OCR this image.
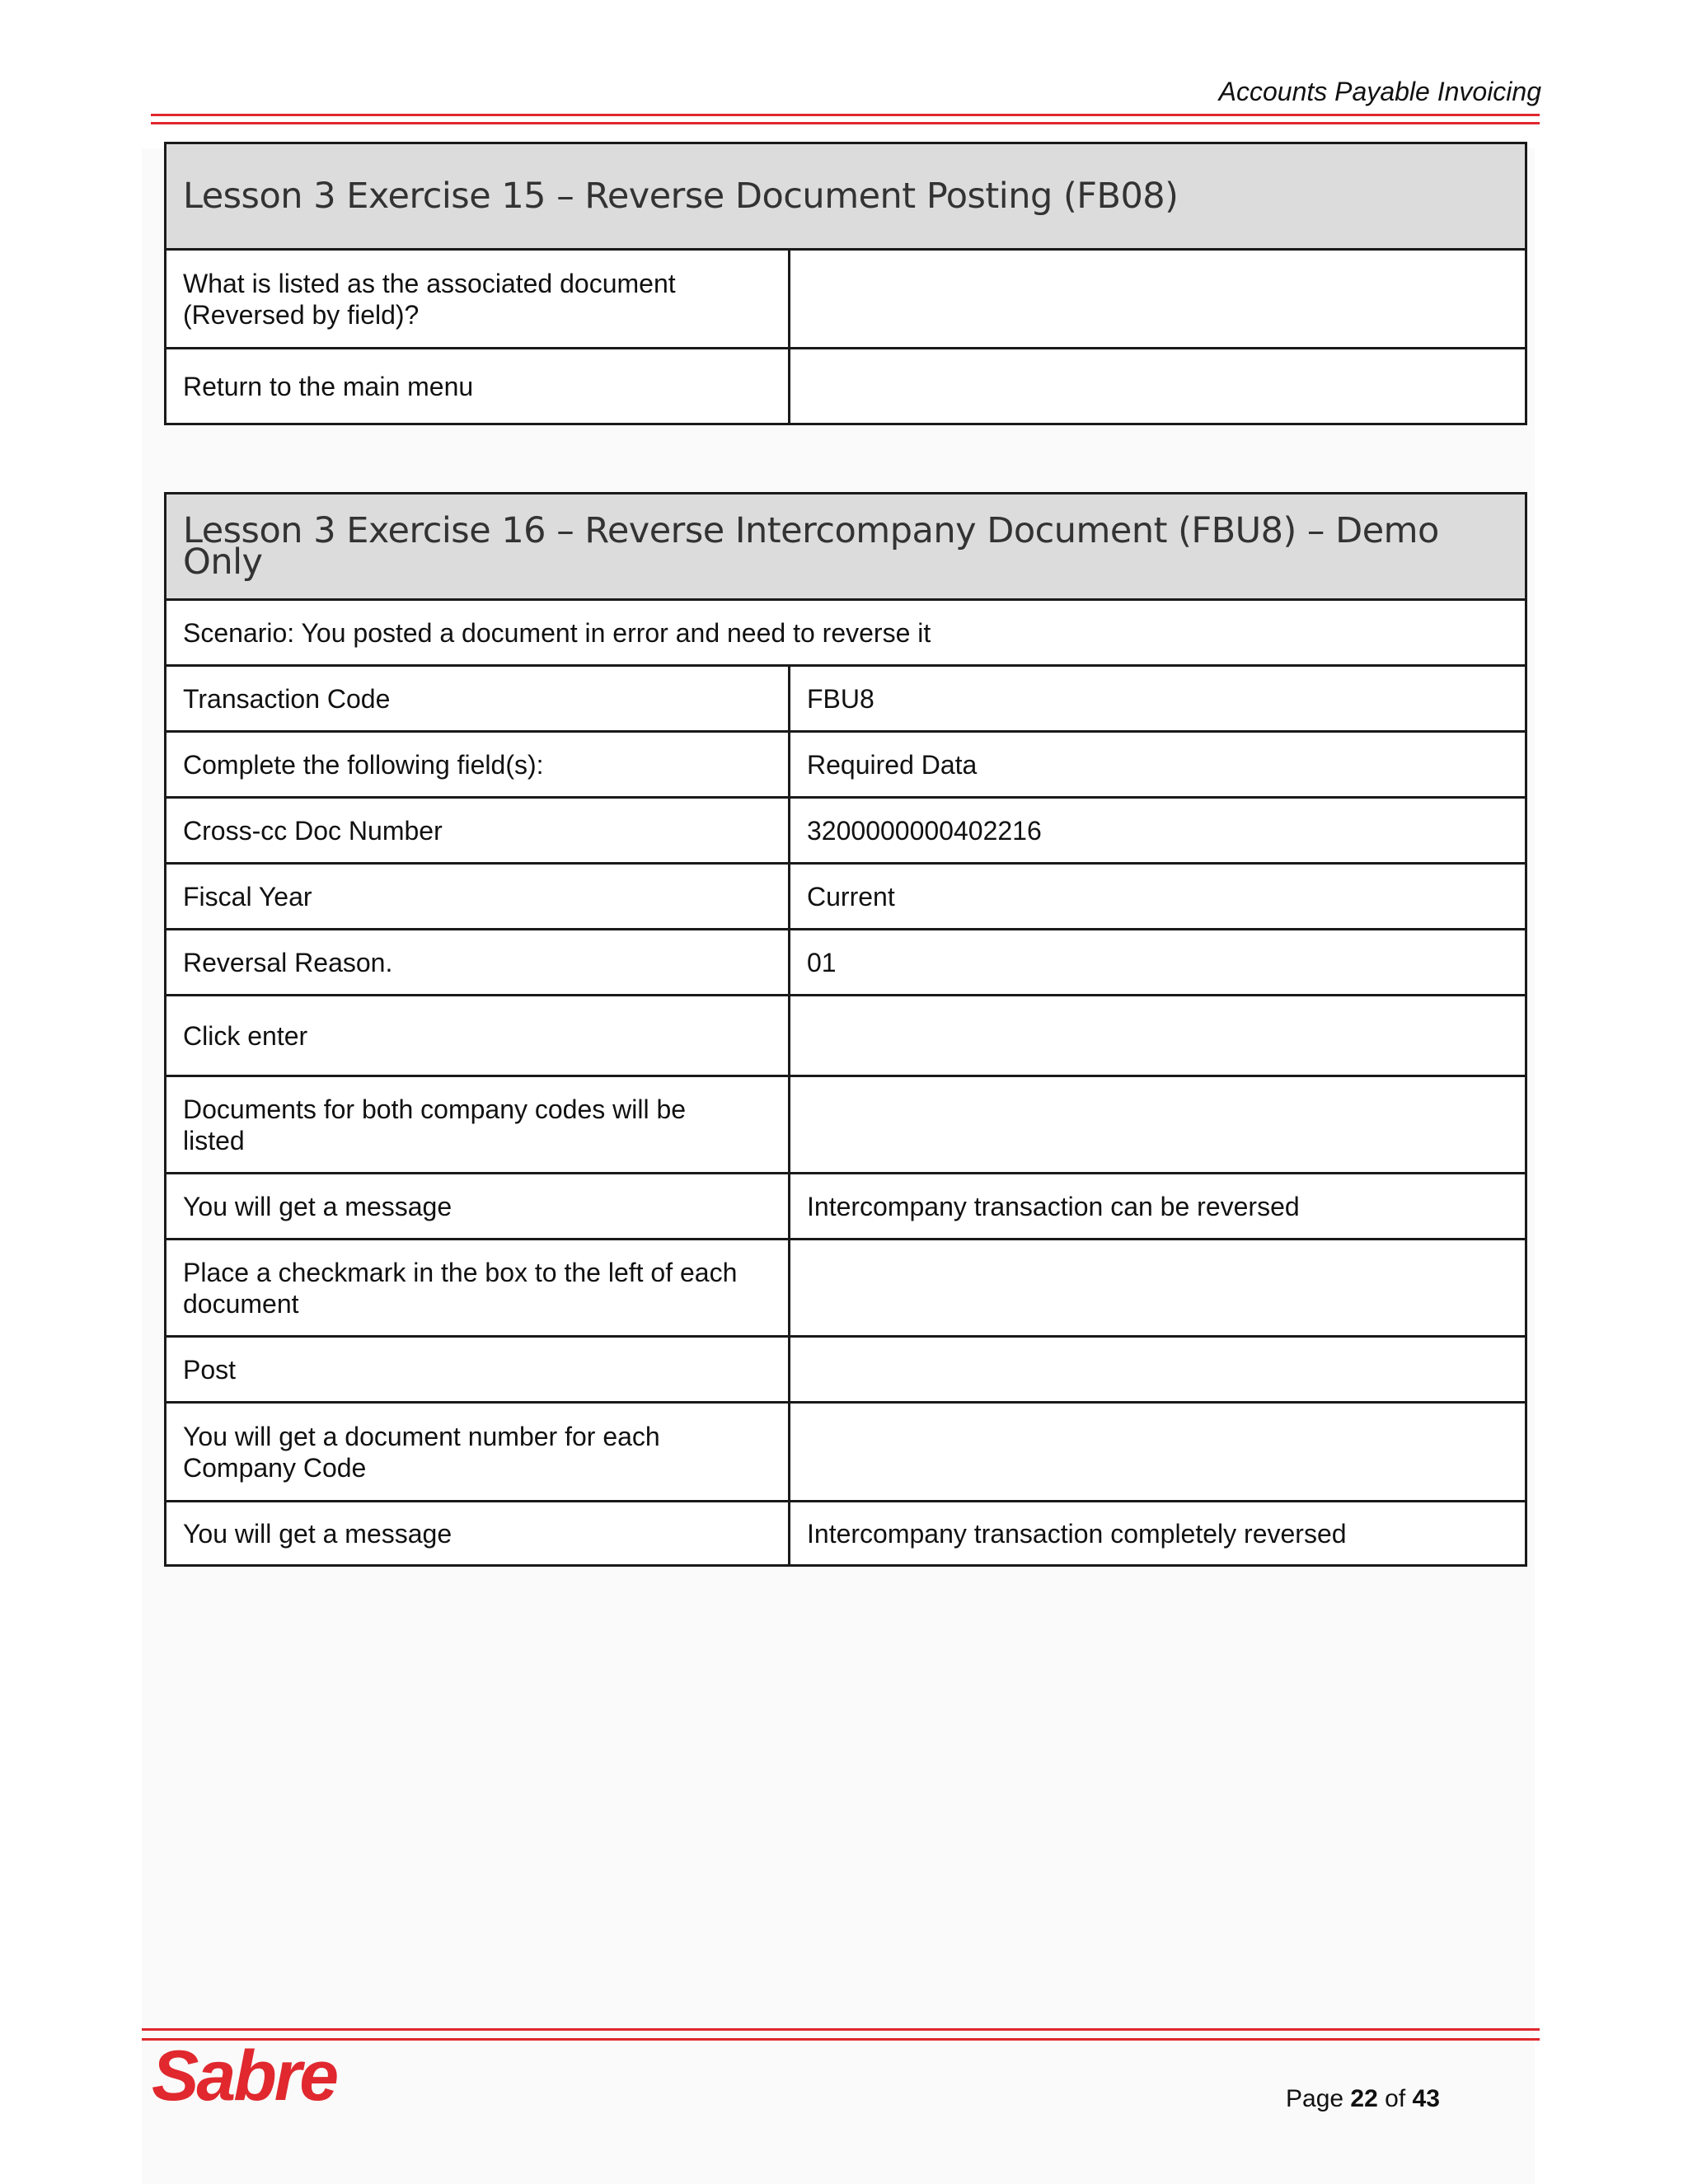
Accounts Payable Invoicing
Lesson 3 Exercise 15 – Reverse Document Posting (FB08)	
What is listed as the associated document
(Reversed by field)?	
Return to the main menu	
Lesson 3 Exercise 16 – Reverse Intercompany Document (FBU8) – Demo Only	
Scenario: You posted a document in error and need to reverse it	
Transaction Code	FBU8
Complete the following field(s):	Required Data
Cross-cc Doc Number	3200000000402216
Fiscal Year	Current
Reversal Reason.	01
Click enter	
Documents for both company codes will be
listed	
You will get a message	Intercompany transaction can be reversed
Place a checkmark in the box to the left of each
document	
Post	
You will get a document number for each
Company Code	
You will get a message	Intercompany transaction completely reversed
Sabre	Page 22 of 43
